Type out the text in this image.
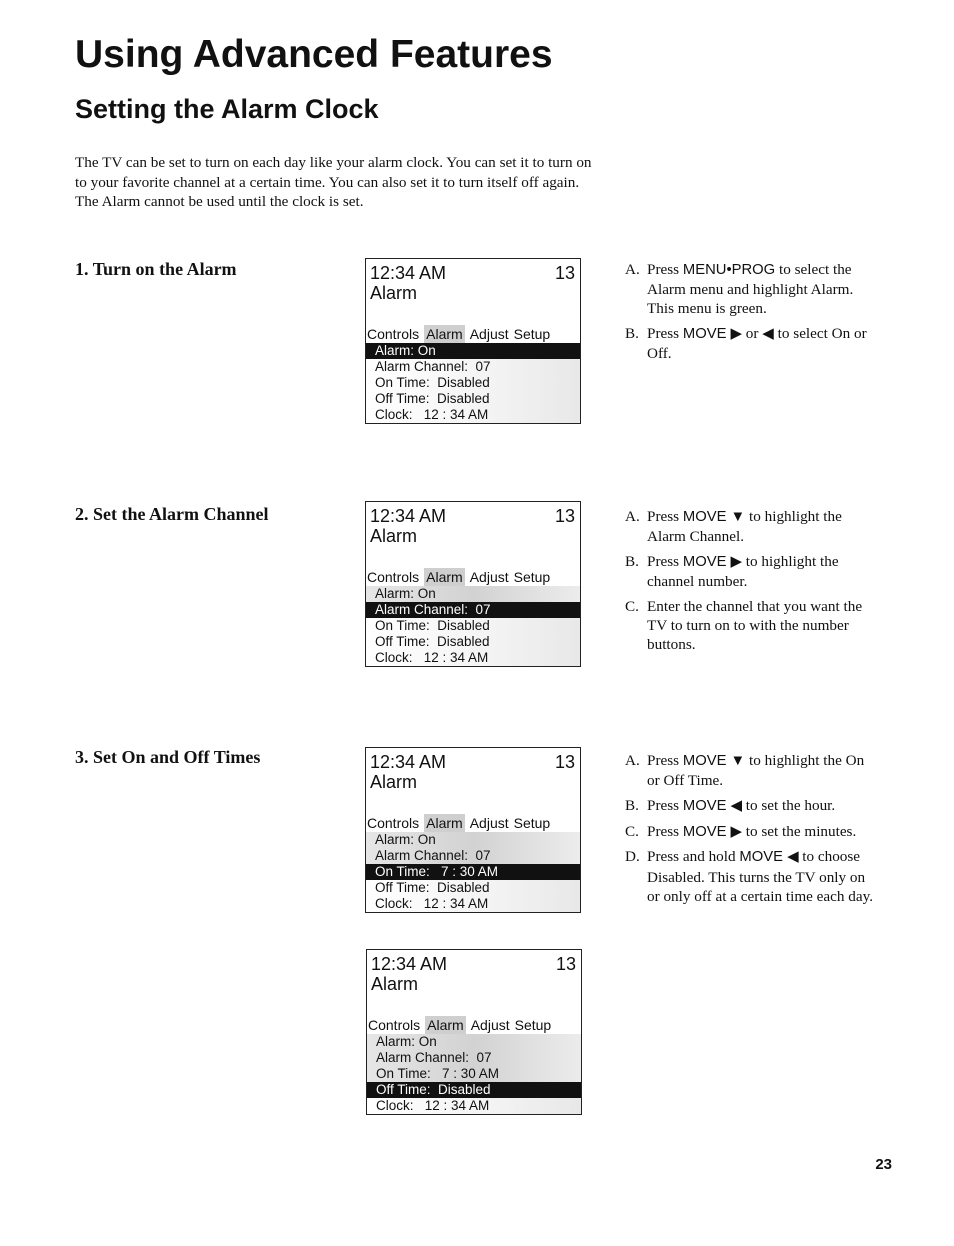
Using Advanced Features
Setting the Alarm Clock

The TV can be set to turn on each day like your alarm clock. You can set it to turn on to your favorite channel at a certain time. You can also set it to turn itself off again. The Alarm cannot be used until the clock is set.

1. Turn on the Alarm
2. Set the Alarm Channel
3. Set On and Off Times
12:34 AM	13
Alarm
Controls Alarm Adjust Setup
Alarm: On
Alarm Channel:  07
On Time:  Disabled
Off Time:  Disabled
Clock:   12 : 34 AM
12:34 AM	13
Alarm
Controls Alarm Adjust Setup
Alarm: On
Alarm Channel:  07
On Time:  Disabled
Off Time:  Disabled
Clock:   12 : 34 AM
12:34 AM	13
Alarm
Controls Alarm Adjust Setup
Alarm: On
Alarm Channel:  07
On Time:   7 : 30 AM
Off Time:  Disabled
Clock:   12 : 34 AM
12:34 AM	13
Alarm
Controls Alarm Adjust Setup
Alarm: On
Alarm Channel:  07
On Time:   7 : 30 AM
Off Time:  Disabled
Clock:   12 : 34 AM
A. Press MENU•PROG to select the Alarm menu and highlight Alarm. This menu is green.
B. Press MOVE ▶ or ◀ to select On or Off.
A. Press MOVE ▼ to highlight the Alarm Channel.
B. Press MOVE ▶ to highlight the channel number.
C. Enter the channel that you want the TV to turn on to with the number buttons.
A. Press MOVE ▼ to highlight the On or Off Time.
B. Press MOVE ◀ to set the hour.
C. Press MOVE ▶ to set the minutes.
D. Press and hold MOVE ◀ to choose Disabled. This turns the TV only on or only off at a certain time each day.
23
